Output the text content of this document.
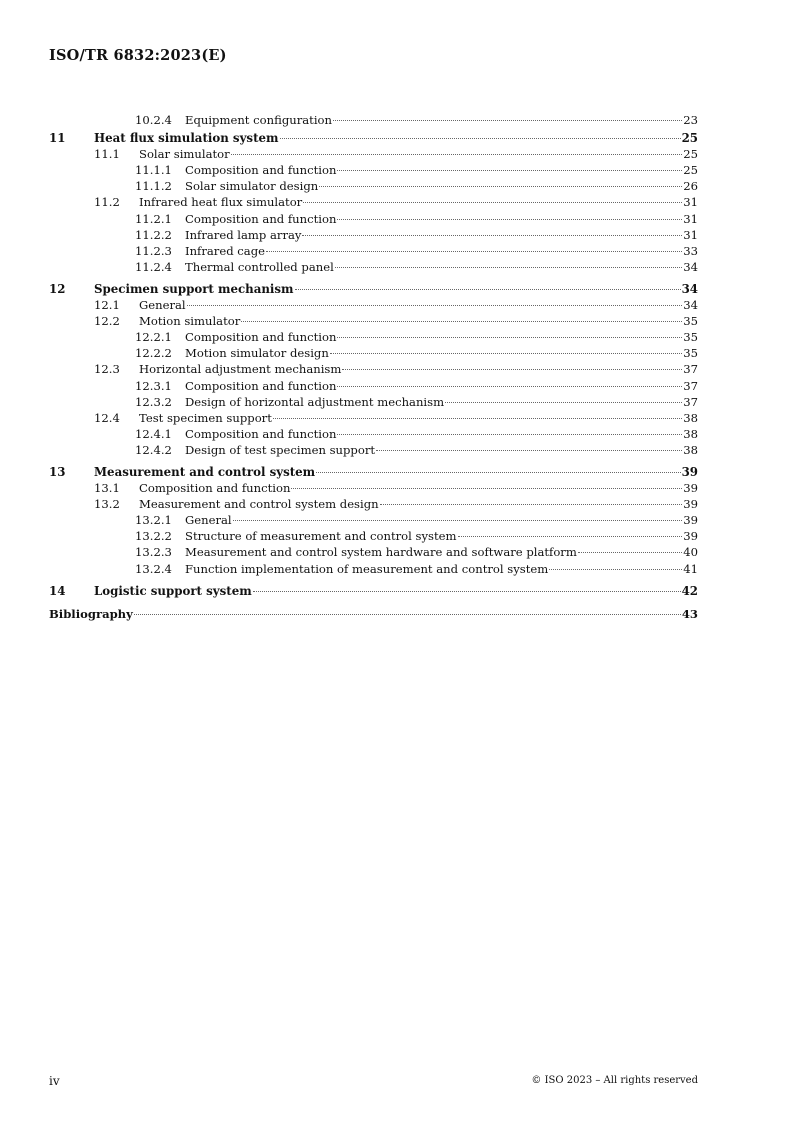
ISO/TR 6832:2023(E)
10.2.4	Equipment configuration	23
11	Heat flux simulation system	25
11.1	Solar simulator	25
11.1.1	Composition and function	25
11.1.2	Solar simulator design	26
11.2	Infrared heat flux simulator	31
11.2.1	Composition and function	31
11.2.2	Infrared lamp array	31
11.2.3	Infrared cage	33
11.2.4	Thermal controlled panel	34
12	Specimen support mechanism	34
12.1	General	34
12.2	Motion simulator	35
12.2.1	Composition and function	35
12.2.2	Motion simulator design	35
12.3	Horizontal adjustment mechanism	37
12.3.1	Composition and function	37
12.3.2	Design of horizontal adjustment mechanism	37
12.4	Test specimen support	38
12.4.1	Composition and function	38
12.4.2	Design of test specimen support	38
13	Measurement and control system	39
13.1	Composition and function	39
13.2	Measurement and control system design	39
13.2.1	General	39
13.2.2	Structure of measurement and control system	39
13.2.3	Measurement and control system hardware and software platform	40
13.2.4	Function implementation of measurement and control system	41
14	Logistic support system	42
Bibliography	43
iv	© ISO 2023 – All rights reserved
